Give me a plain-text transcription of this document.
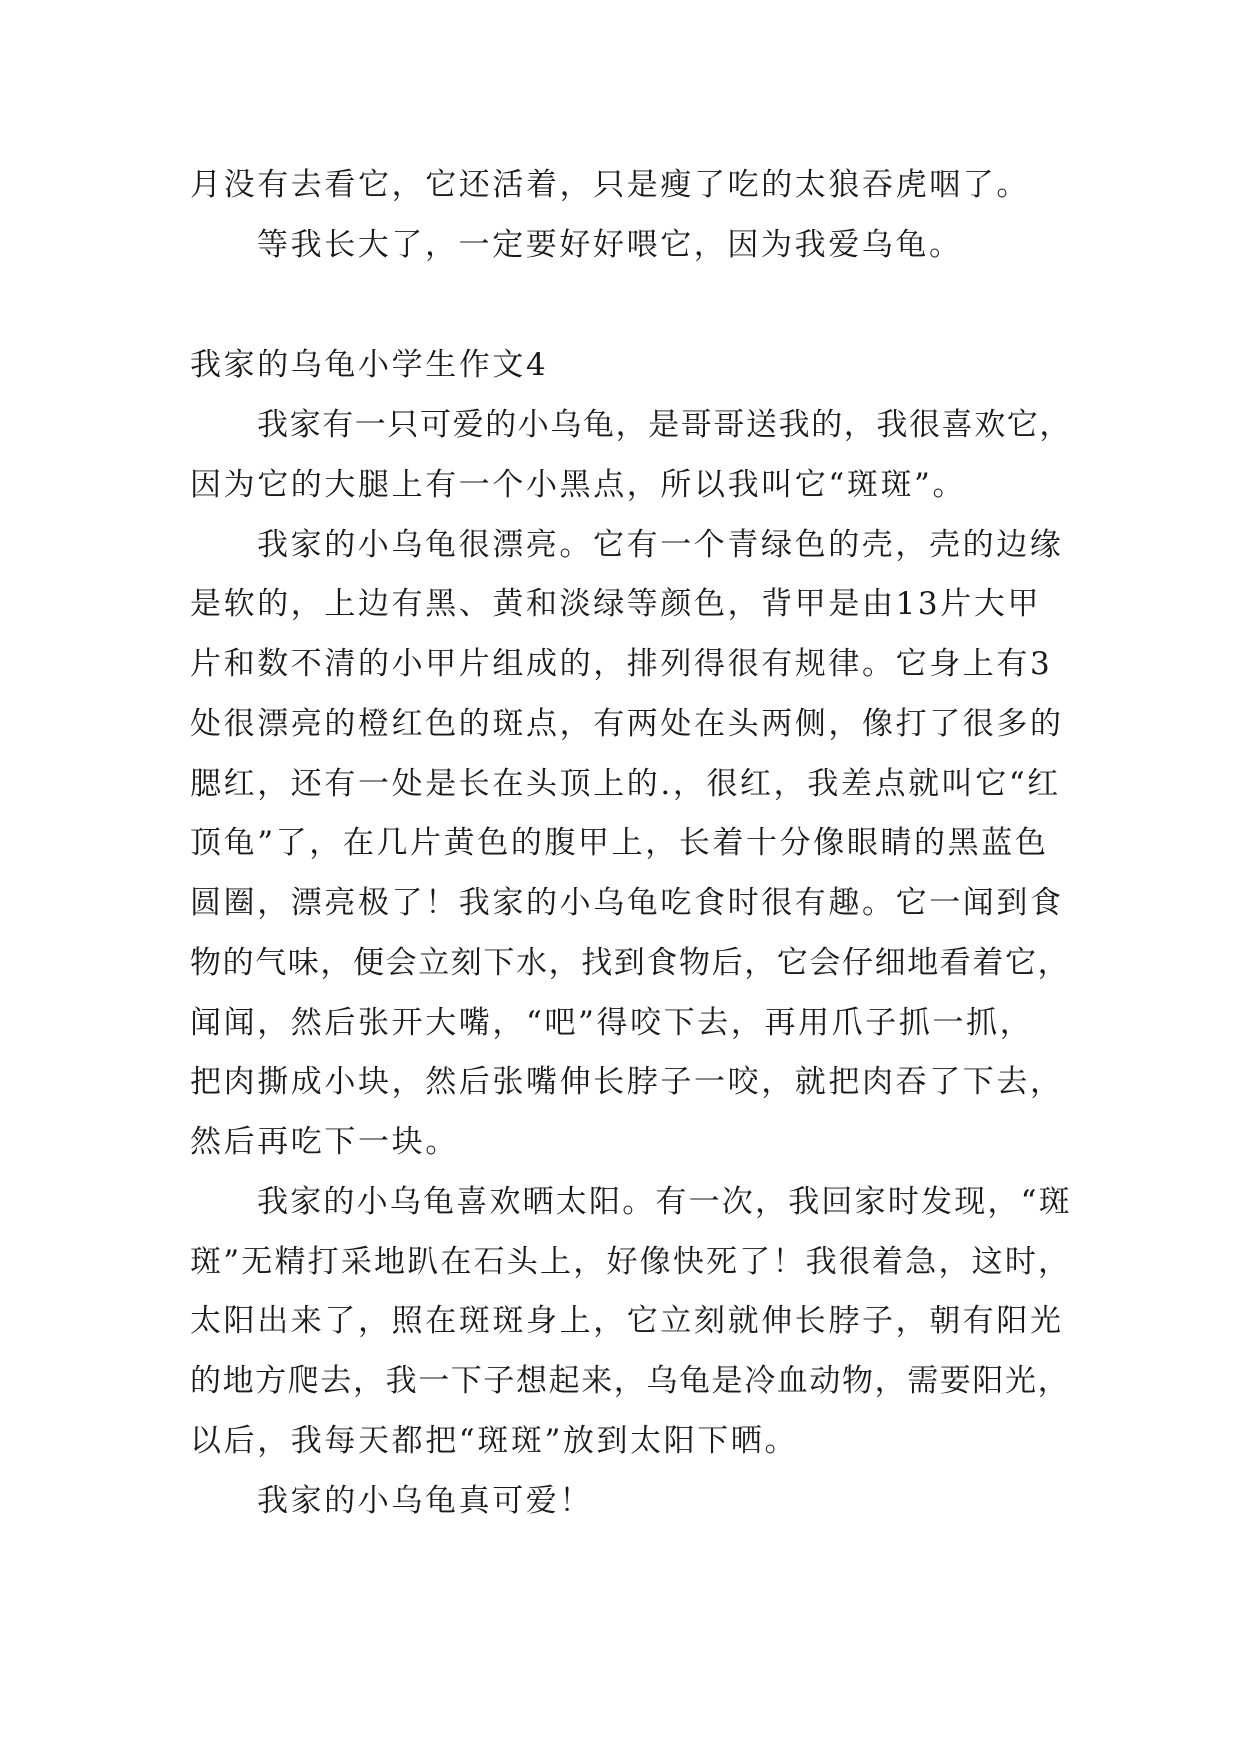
月没有去看它，它还活着，只是瘦了吃的太狼吞虎咽了。
等我长大了，一定要好好喂它，因为我爱乌龟。
我家的乌龟小学生作文4
我家有一只可爱的小乌龟，是哥哥送我的，我很喜欢它，
因为它的大腿上有一个小黑点，所以我叫它“斑斑”。
我家的小乌龟很漂亮。它有一个青绿色的壳，壳的边缘
是软的，上边有黑、黄和淡绿等颜色，背甲是由13片大甲
片和数不清的小甲片组成的，排列得很有规律。它身上有3
处很漂亮的橙红色的斑点，有两处在头两侧，像打了很多的
腮红，还有一处是长在头顶上的.，很红，我差点就叫它“红
顶龟”了，在几片黄色的腹甲上，长着十分像眼睛的黑蓝色
圆圈，漂亮极了！我家的小乌龟吃食时很有趣。它一闻到食
物的气味，便会立刻下水，找到食物后，它会仔细地看着它，
闻闻，然后张开大嘴，“吧”得咬下去，再用爪子抓一抓，
把肉撕成小块，然后张嘴伸长脖子一咬，就把肉吞了下去，
然后再吃下一块。
我家的小乌龟喜欢晒太阳。有一次，我回家时发现，“斑
斑”无精打采地趴在石头上，好像快死了！我很着急，这时，
太阳出来了，照在斑斑身上，它立刻就伸长脖子，朝有阳光
的地方爬去，我一下子想起来，乌龟是冷血动物，需要阳光，
以后，我每天都把“斑斑”放到太阳下晒。
我家的小乌龟真可爱！
